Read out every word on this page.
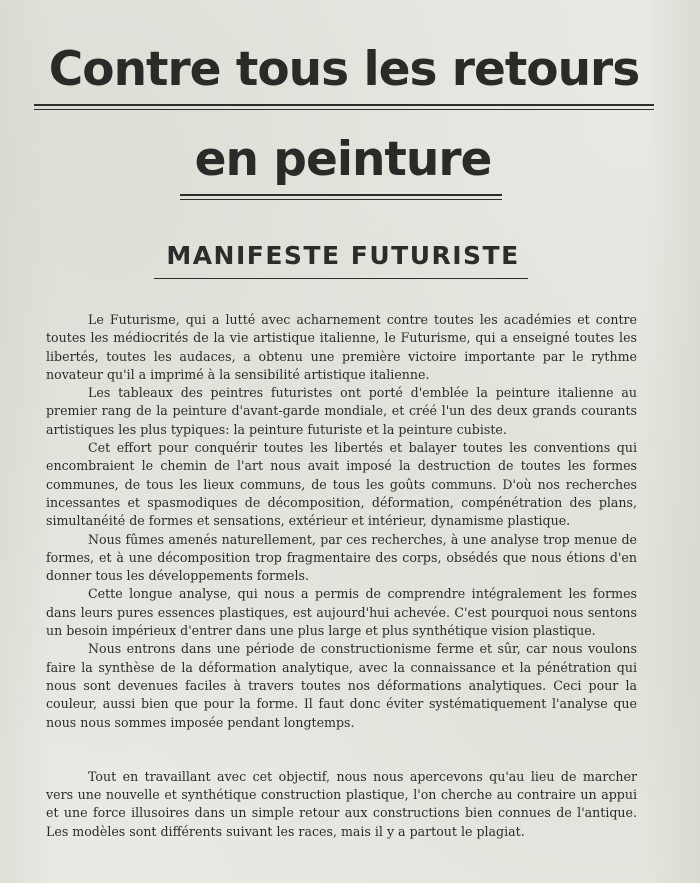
Contre tous les retours
en peinture
MANIFESTE FUTURISTE

Le Futurisme, qui a lutté avec acharnement contre toutes les académies et contre toutes les médiocrités de la vie artistique italienne, le Futurisme, qui a enseigné toutes les libertés, toutes les audaces, a obtenu une première victoire importante par le rythme novateur qu'il a imprimé à la sensibilité artistique italienne.

Les tableaux des peintres futuristes ont porté d'emblée la peinture italienne au premier rang de la peinture d'avant-garde mondiale, et créé l'un des deux grands courants artistiques les plus typiques: la peinture futuriste et la peinture cubiste.

Cet effort pour conquérir toutes les libertés et balayer toutes les conventions qui encombraient le chemin de l'art nous avait imposé la destruction de toutes les formes communes, de tous les lieux communs, de tous les goûts communs. D'où nos recherches incessantes et spasmodiques de décomposition, déformation, compénétration des plans, simultanéité de formes et sensations, extérieur et intérieur, dynamisme plastique.

Nous fûmes amenés naturellement, par ces recherches, à une analyse trop menue de formes, et à une décomposition trop fragmentaire des corps, obsédés que nous étions d'en donner tous les développements formels.

Cette longue analyse, qui nous a permis de comprendre intégralement les formes dans leurs pures essences plastiques, est aujourd'hui achevée. C'est pourquoi nous sentons un besoin impérieux d'entrer dans une plus large et plus synthétique vision plastique.

Nous entrons dans une période de constructionisme ferme et sûr, car nous voulons faire la synthèse de la déformation analytique, avec la connaissance et la pénétration qui nous sont devenues faciles à travers toutes nos déformations analytiques. Ceci pour la couleur, aussi bien que pour la forme. Il faut donc éviter systématiquement l'analyse que nous nous sommes imposée pendant longtemps.

Tout en travaillant avec cet objectif, nous nous apercevons qu'au lieu de marcher vers une nouvelle et synthétique construction plastique, l'on cherche au contraire un appui et une force illusoires dans un simple retour aux constructions bien connues de l'antique. Les modèles sont différents suivant les races, mais il y a partout le plagiat.
